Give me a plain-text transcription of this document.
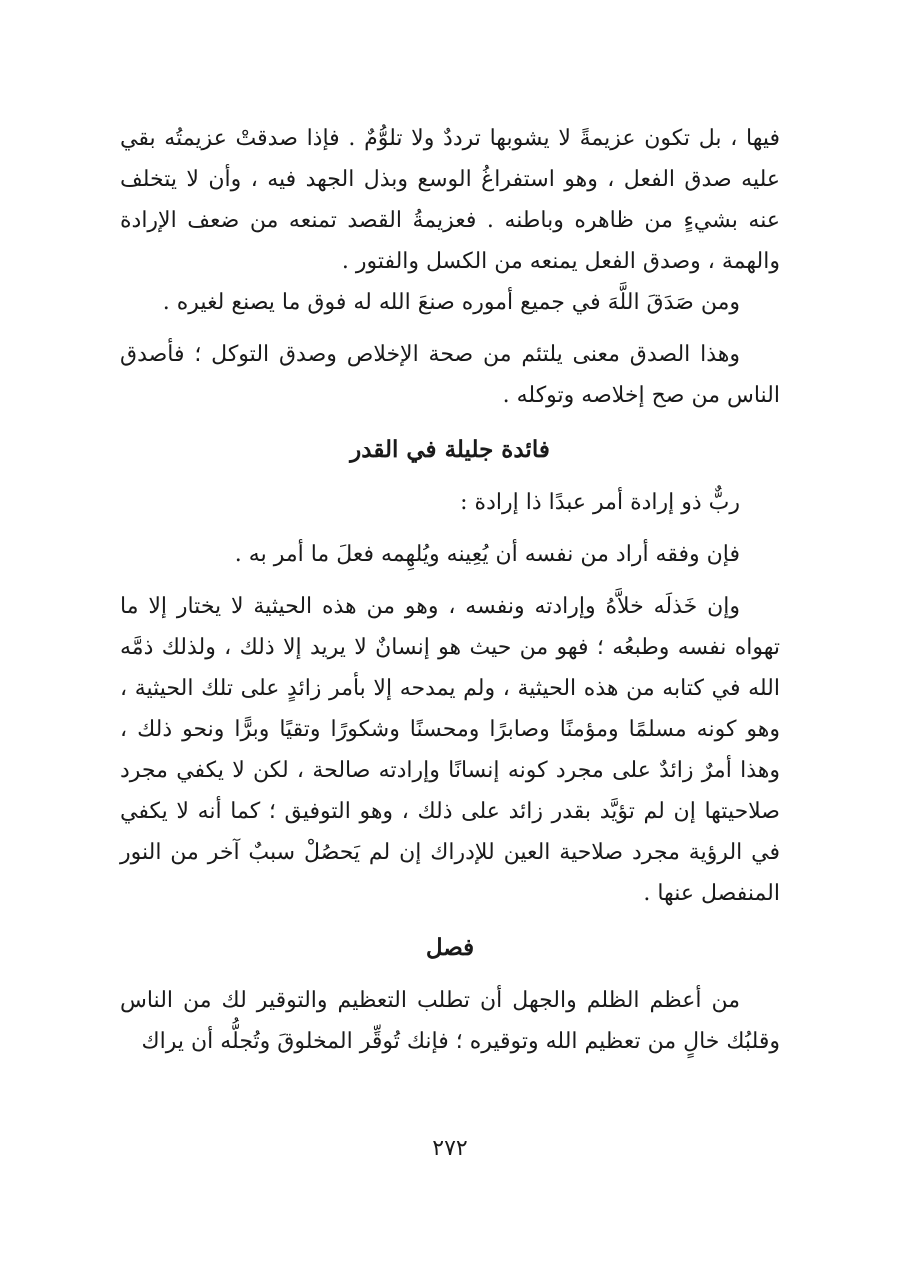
فيها ، بل تكون عزيمةً لا يشوبها ترددٌ ولا تلوُّمٌ . فإذا صدقتْ عزيمتُه بقي عليه صدق الفعل ، وهو استفراغُ الوسع وبذل الجهد فيه ، وأن لا يتخلف عنه بشيءٍ من ظاهره وباطنه . فعزيمةُ القصد تمنعه من ضعف الإرادة والهمة ، وصدق الفعل يمنعه من الكسل والفتور .

ومن صَدَقَ اللَّهَ في جميع أموره صنعَ الله له فوق ما يصنع لغيره .

وهذا الصدق معنى يلتئم من صحة الإخلاص وصدق التوكل ؛ فأصدق الناس من صح إخلاصه وتوكله .

فائدة جليلة في القدر

ربٌّ ذو إرادة أمر عبدًا ذا إرادة :

فإن وفقه أراد من نفسه أن يُعِينه ويُلهِمه فعلَ ما أمر به .

وإن خَذلَه خلاَّهُ وإرادته ونفسه ، وهو من هذه الحيثية لا يختار إلا ما تهواه نفسه وطبعُه ؛ فهو من حيث هو إنسانٌ لا يريد إلا ذلك ، ولذلك ذمَّه الله في كتابه من هذه الحيثية ، ولم يمدحه إلا بأمر زائدٍ على تلك الحيثية ، وهو كونه مسلمًا ومؤمنًا وصابرًا ومحسنًا وشكورًا وتقيًا وبرًّا ونحو ذلك ، وهذا أمرٌ زائدٌ على مجرد كونه إنسانًا وإرادته صالحة ، لكن لا يكفي مجرد صلاحيتها إن لم تؤيَّد بقدر زائد على ذلك ، وهو التوفيق ؛ كما أنه لا يكفي في الرؤية مجرد صلاحية العين للإدراك إن لم يَحصُلْ سببٌ آخر من النور المنفصل عنها .

فصل

من أعظم الظلم والجهل أن تطلب التعظيم والتوقير لك من الناس وقلبُك خالٍ من تعظيم الله وتوقيره ؛ فإنك تُوقِّر المخلوقَ وتُجلُّه أن يراك

٢٧٢
